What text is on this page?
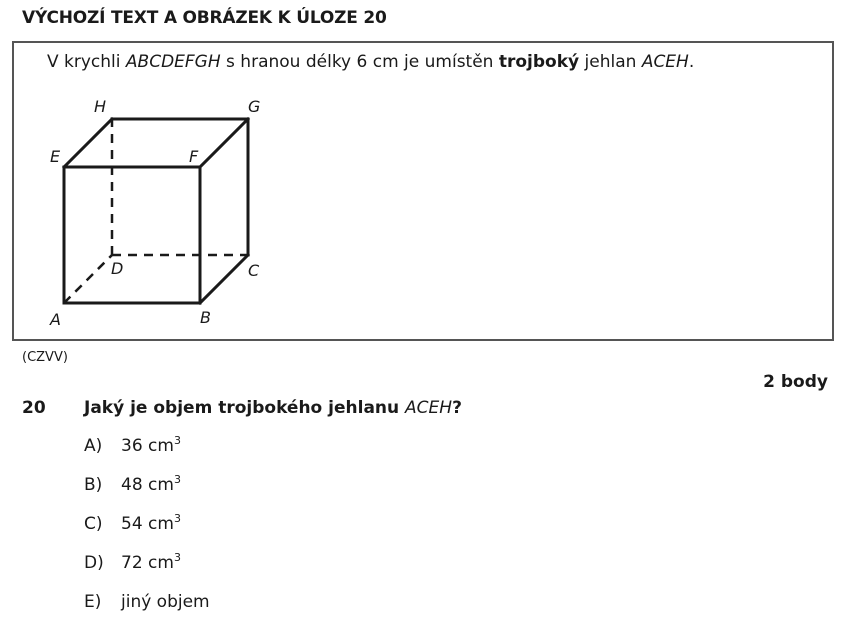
VÝCHOZÍ TEXT A OBRÁZEK K ÚLOZE 20
V krychli ABCDEFGH s hranou délky 6 cm je umístěn trojboký jehlan ACEH.
A	B
C
D
E	F
G
H
(CZVV)
2 body
20 Jaký je objem trojbokého jehlanu ACEH?
A) 36 $cm^3$
B) 48 $cm^3$
C) 54 $cm^3$
D) 72 $cm^3$
E) jiný objem
